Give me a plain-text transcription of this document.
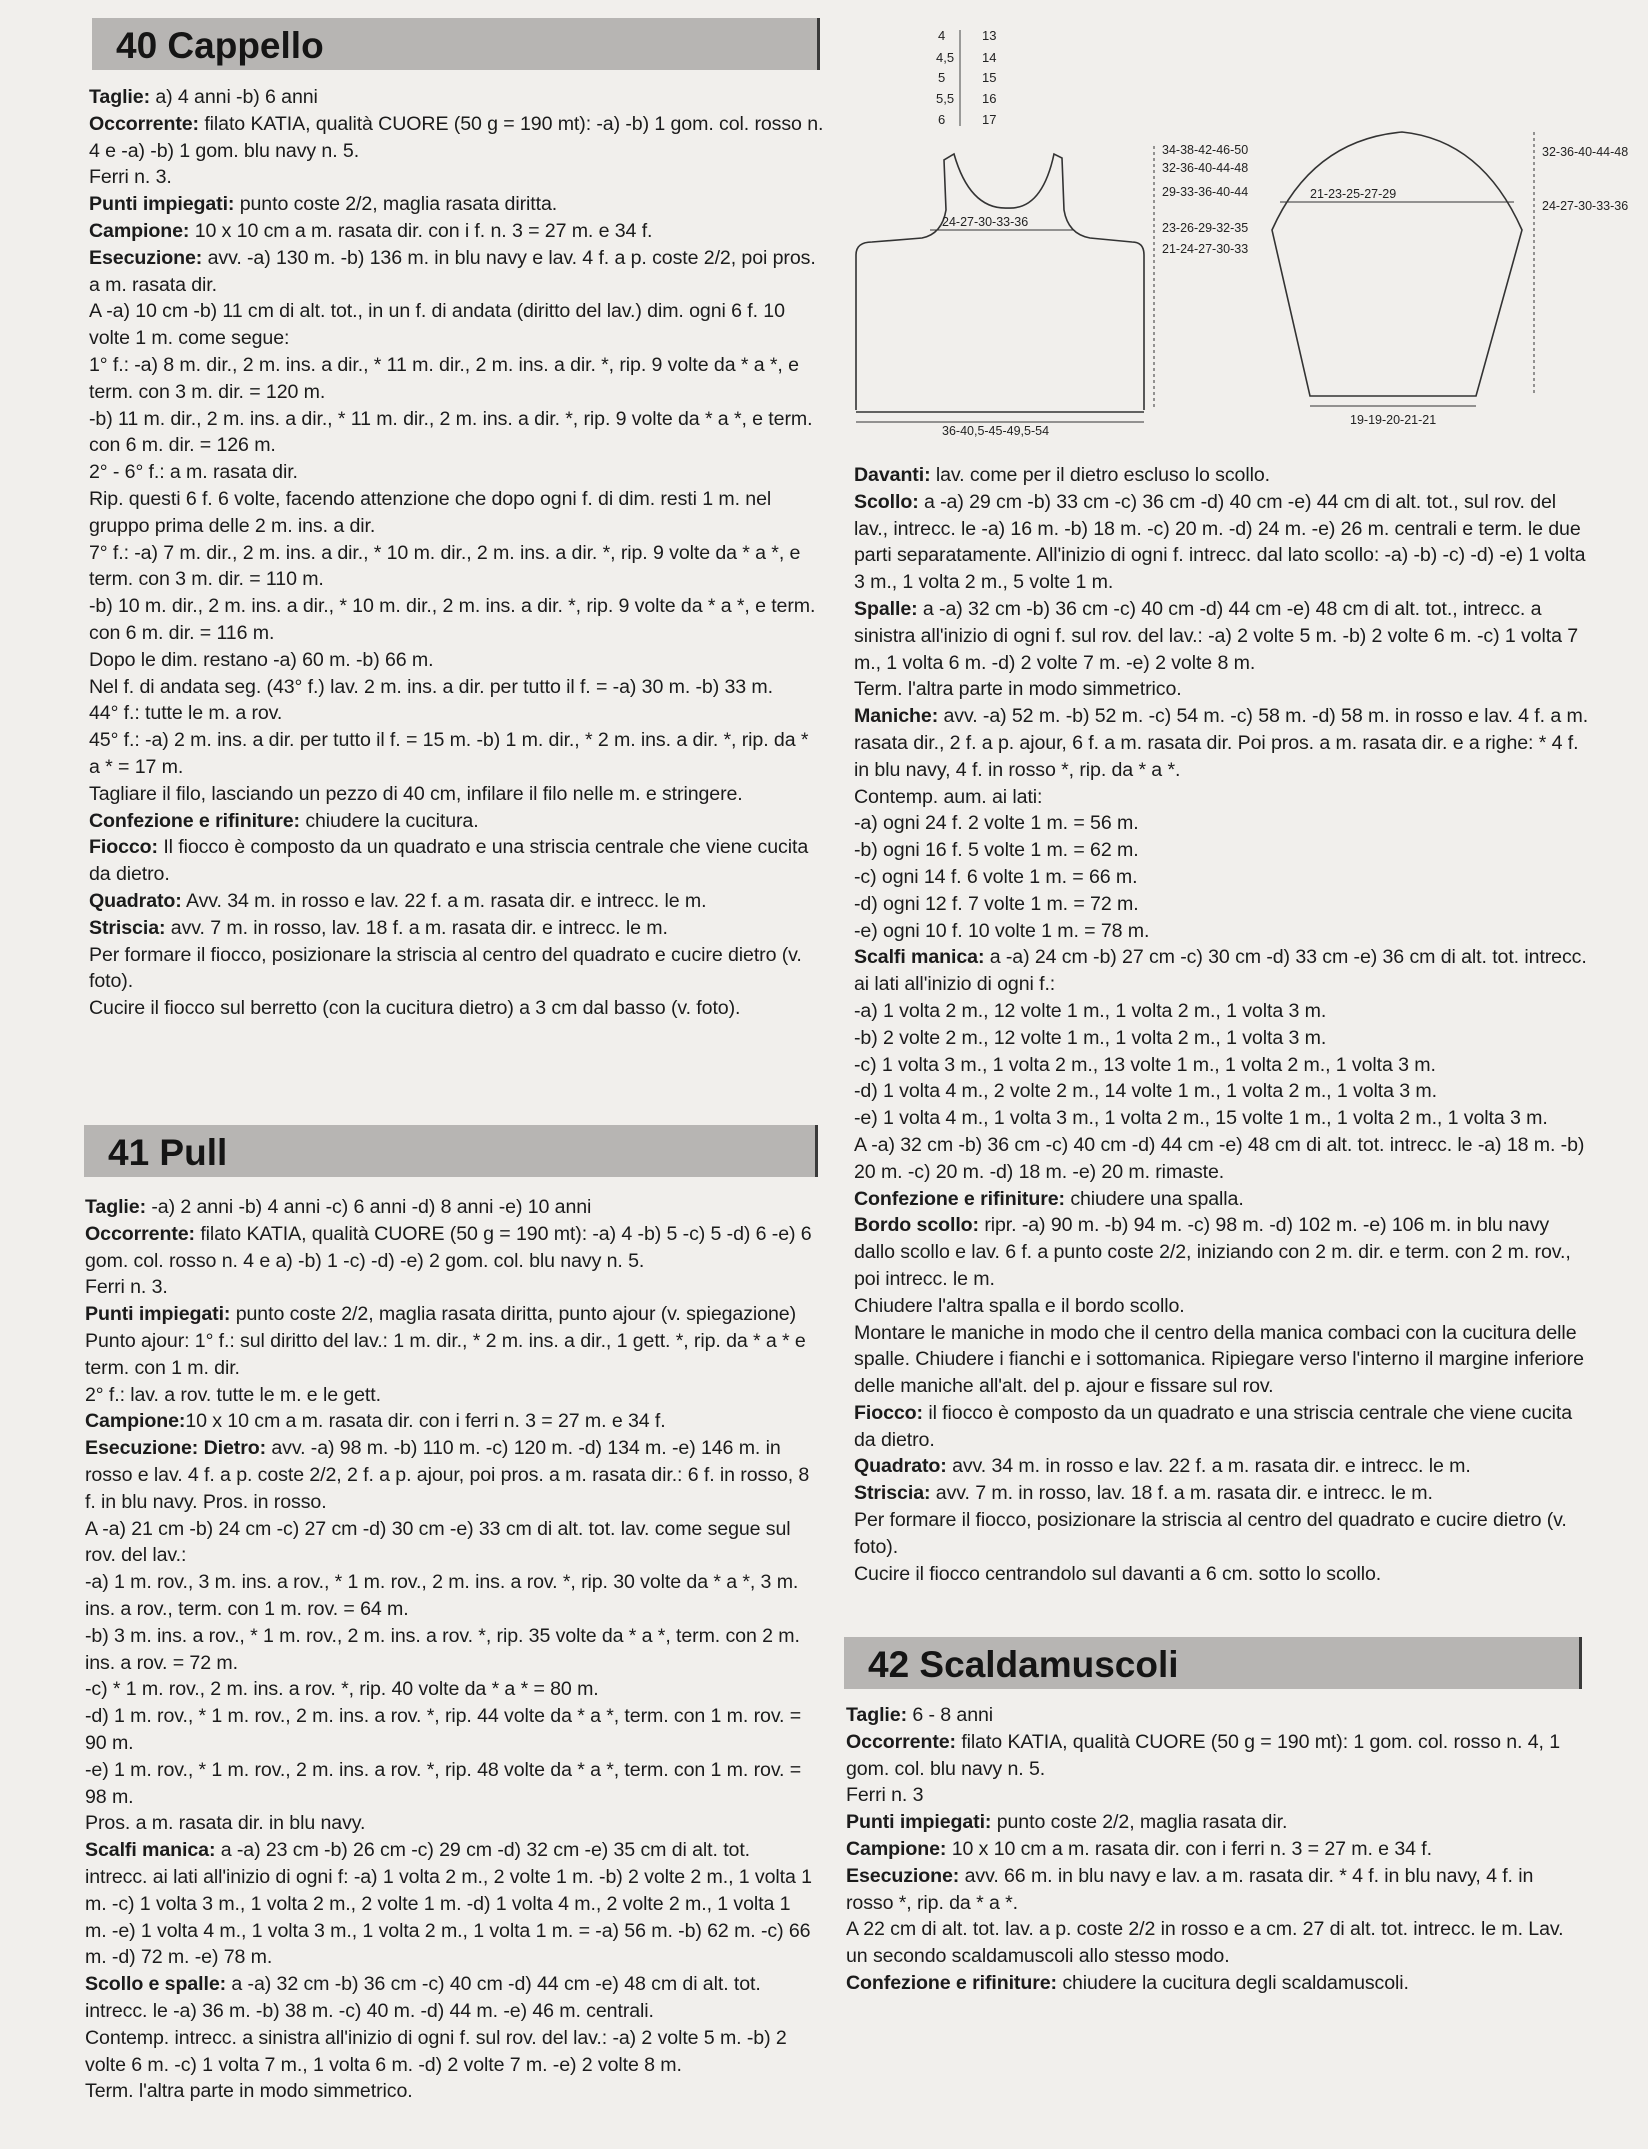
40 Cappello

Taglie: a) 4 anni -b) 6 anni

Occorrente: filato KATIA, qualità CUORE (50 g = 190 mt): -a) -b) 1 gom. col. rosso n. 4 e -a) -b) 1 gom. blu navy n. 5.

Ferri n. 3.

Punti impiegati: punto coste 2/2, maglia rasata diritta.

Campione: 10 x 10 cm a m. rasata dir. con i f. n. 3 = 27 m. e 34 f.

Esecuzione: avv. -a) 130 m. -b) 136 m. in blu navy e lav. 4 f. a p. coste 2/2, poi pros. a m. rasata dir.

A -a) 10 cm -b) 11 cm di alt. tot., in un f. di andata (diritto del lav.) dim. ogni 6 f. 10 volte 1 m. come segue:

1° f.: -a) 8 m. dir., 2 m. ins. a dir., * 11 m. dir., 2 m. ins. a dir. *, rip. 9 volte da * a *, e term. con 3 m. dir. = 120 m.

-b) 11 m. dir., 2 m. ins. a dir., * 11 m. dir., 2 m. ins. a dir. *, rip. 9 volte da * a *, e term. con 6 m. dir. = 126 m.

2° - 6° f.: a m. rasata dir.

Rip. questi 6 f. 6 volte, facendo attenzione che dopo ogni f. di dim. resti 1 m. nel gruppo prima delle 2 m. ins. a dir.

7° f.: -a) 7 m. dir., 2 m. ins. a dir., * 10 m. dir., 2 m. ins. a dir. *, rip. 9 volte da * a *, e term. con 3 m. dir. = 110 m.

-b) 10 m. dir., 2 m. ins. a dir., * 10 m. dir., 2 m. ins. a dir. *, rip. 9 volte da * a *, e term. con 6 m. dir. = 116 m.

Dopo le dim. restano -a) 60 m. -b) 66 m.

Nel f. di andata seg. (43° f.) lav. 2 m. ins. a dir. per tutto il f. = -a) 30 m. -b) 33 m.

44° f.: tutte le m. a rov.

45° f.: -a) 2 m. ins. a dir. per tutto il f. = 15 m. -b) 1 m. dir., * 2 m. ins. a dir. *, rip. da * a * = 17 m.

Tagliare il filo, lasciando un pezzo di 40 cm, infilare il filo nelle m. e stringere.

Confezione e rifiniture: chiudere la cucitura.

Fiocco: Il fiocco è composto da un quadrato e una striscia centrale che viene cucita da dietro.

Quadrato: Avv. 34 m. in rosso e lav. 22 f. a m. rasata dir. e intrecc. le m.

Striscia: avv. 7 m. in rosso, lav. 18 f. a m. rasata dir. e intrecc. le m.

Per formare il fiocco, posizionare la striscia al centro del quadrato e cucire dietro (v. foto).

Cucire il fiocco sul berretto (con la cucitura dietro) a 3 cm dal basso (v. foto).

41 Pull

Taglie: -a) 2 anni -b) 4 anni -c) 6 anni -d) 8 anni -e) 10 anni

Occorrente: filato KATIA, qualità CUORE (50 g = 190 mt): -a) 4 -b) 5 -c) 5 -d) 6 -e) 6 gom. col. rosso n. 4 e a) -b) 1 -c) -d) -e) 2 gom. col. blu navy n. 5.

Ferri n. 3.

Punti impiegati: punto coste 2/2, maglia rasata diritta, punto ajour (v. spiegazione)

Punto ajour: 1° f.: sul diritto del lav.: 1 m. dir., * 2 m. ins. a dir., 1 gett. *, rip. da * a * e term. con 1 m. dir.

2° f.: lav. a rov. tutte le m. e le gett.

Campione:10 x 10 cm a m. rasata dir. con i ferri n. 3 = 27 m. e 34 f.

Esecuzione: Dietro: avv. -a) 98 m. -b) 110 m. -c) 120 m. -d) 134 m. -e) 146 m. in rosso e lav. 4 f. a p. coste 2/2, 2 f. a p. ajour, poi pros. a m. rasata dir.: 6 f. in rosso, 8 f. in blu navy. Pros. in rosso.

A -a) 21 cm -b) 24 cm -c) 27 cm -d) 30 cm -e) 33 cm di alt. tot. lav. come segue sul rov. del lav.:

-a) 1 m. rov., 3 m. ins. a rov., * 1 m. rov., 2 m. ins. a rov. *, rip. 30 volte da * a *, 3 m. ins. a rov., term. con 1 m. rov. = 64 m.

-b) 3 m. ins. a rov., * 1 m. rov., 2 m. ins. a rov. *, rip. 35 volte da * a *, term. con 2 m. ins. a rov. = 72 m.

-c) * 1 m. rov., 2 m. ins. a rov. *, rip. 40 volte da * a * = 80 m.

-d) 1 m. rov., * 1 m. rov., 2 m. ins. a rov. *, rip. 44 volte da * a *, term. con 1 m. rov. = 90 m.

-e) 1 m. rov., * 1 m. rov., 2 m. ins. a rov. *, rip. 48 volte da * a *, term. con 1 m. rov. = 98 m.

Pros. a m. rasata dir. in blu navy.

Scalfi manica: a -a) 23 cm -b) 26 cm -c) 29 cm -d) 32 cm -e) 35 cm di alt. tot. intrecc. ai lati all'inizio di ogni f: -a) 1 volta 2 m., 2 volte 1 m. -b) 2 volte 2 m., 1 volta 1 m. -c) 1 volta 3 m., 1 volta 2 m., 2 volte 1 m. -d) 1 volta 4 m., 2 volte 2 m., 1 volta 1 m. -e) 1 volta 4 m., 1 volta 3 m., 1 volta 2 m., 1 volta 1 m. = -a) 56 m. -b) 62 m. -c) 66 m. -d) 72 m. -e) 78 m.

Scollo e spalle: a -a) 32 cm -b) 36 cm -c) 40 cm -d) 44 cm -e) 48 cm di alt. tot. intrecc. le -a) 36 m. -b) 38 m. -c) 40 m. -d) 44 m. -e) 46 m. centrali.

Contemp. intrecc. a sinistra all'inizio di ogni f. sul rov. del lav.: -a) 2 volte 5 m. -b) 2 volte 6 m. -c) 1 volta 7 m., 1 volta 6 m. -d) 2 volte 7 m. -e) 2 volte 8 m.

Term. l'altra parte in modo simmetrico.

4	13
4,5 14
5	15
5,5 16
6	17
34-38-42-46-50
32-36-40-44-48
29-33-36-40-44
23-26-29-32-35
21-24-27-30-33
24-27-30-33-36
36-40,5-45-49,5-54
21-23-25-27-29
32-36-40-44-48
24-27-30-33-36
19-19-20-21-21

Davanti: lav. come per il dietro escluso lo scollo.

Scollo: a -a) 29 cm -b) 33 cm -c) 36 cm -d) 40 cm -e) 44 cm di alt. tot., sul rov. del lav., intrecc. le -a) 16 m. -b) 18 m. -c) 20 m. -d) 24 m. -e) 26 m. centrali e term. le due parti separatamente. All'inizio di ogni f. intrecc. dal lato scollo: -a) -b) -c) -d) -e) 1 volta 3 m., 1 volta 2 m., 5 volte 1 m.

Spalle: a -a) 32 cm -b) 36 cm -c) 40 cm -d) 44 cm -e) 48 cm di alt. tot., intrecc. a sinistra all'inizio di ogni f. sul rov. del lav.: -a) 2 volte 5 m. -b) 2 volte 6 m. -c) 1 volta 7 m., 1 volta 6 m. -d) 2 volte 7 m. -e) 2 volte 8 m.

Term. l'altra parte in modo simmetrico.

Maniche: avv. -a) 52 m. -b) 52 m. -c) 54 m. -c) 58 m. -d) 58 m. in rosso e lav. 4 f. a m. rasata dir., 2 f. a p. ajour, 6 f. a m. rasata dir. Poi pros. a m. rasata dir. e a righe: * 4 f. in blu navy, 4 f. in rosso *, rip. da * a *.

Contemp. aum. ai lati:

-a) ogni 24 f. 2 volte 1 m. = 56 m.

-b) ogni 16 f. 5 volte 1 m. = 62 m.

-c) ogni 14 f. 6 volte 1 m. = 66 m.

-d) ogni 12 f. 7 volte 1 m. = 72 m.

-e) ogni 10 f. 10 volte 1 m. = 78 m.

Scalfi manica: a -a) 24 cm -b) 27 cm -c) 30 cm -d) 33 cm -e) 36 cm di alt. tot. intrecc. ai lati all'inizio di ogni f.:

-a) 1 volta 2 m., 12 volte 1 m., 1 volta 2 m., 1 volta 3 m.

-b) 2 volte 2 m., 12 volte 1 m., 1 volta 2 m., 1 volta 3 m.

-c) 1 volta 3 m., 1 volta 2 m., 13 volte 1 m., 1 volta 2 m., 1 volta 3 m.

-d) 1 volta 4 m., 2 volte 2 m., 14 volte 1 m., 1 volta 2 m., 1 volta 3 m.

-e) 1 volta 4 m., 1 volta 3 m., 1 volta 2 m., 15 volte 1 m., 1 volta 2 m., 1 volta 3 m.

A -a) 32 cm -b) 36 cm -c) 40 cm -d) 44 cm -e) 48 cm di alt. tot. intrecc. le -a) 18 m. -b) 20 m. -c) 20 m. -d) 18 m. -e) 20 m. rimaste.

Confezione e rifiniture: chiudere una spalla.

Bordo scollo: ripr. -a) 90 m. -b) 94 m. -c) 98 m. -d) 102 m. -e) 106 m. in blu navy dallo scollo e lav. 6 f. a punto coste 2/2, iniziando con 2 m. dir. e term. con 2 m. rov., poi intrecc. le m.

Chiudere l'altra spalla e il bordo scollo.

Montare le maniche in modo che il centro della manica combaci con la cucitura delle spalle. Chiudere i fianchi e i sottomanica. Ripiegare verso l'interno il margine inferiore delle maniche all'alt. del p. ajour e fissare sul rov.

Fiocco: il fiocco è composto da un quadrato e una striscia centrale che viene cucita da dietro.

Quadrato: avv. 34 m. in rosso e lav. 22 f. a m. rasata dir. e intrecc. le m.

Striscia: avv. 7 m. in rosso, lav. 18 f. a m. rasata dir. e intrecc. le m.

Per formare il fiocco, posizionare la striscia al centro del quadrato e cucire dietro (v. foto).

Cucire il fiocco centrandolo sul davanti a 6 cm. sotto lo scollo.

42 Scaldamuscoli

Taglie: 6 - 8 anni

Occorrente: filato KATIA, qualità CUORE (50 g = 190 mt): 1 gom. col. rosso n. 4, 1 gom. col. blu navy n. 5.

Ferri n. 3

Punti impiegati: punto coste 2/2, maglia rasata dir.

Campione: 10 x 10 cm a m. rasata dir. con i ferri n. 3 = 27 m. e 34 f.

Esecuzione: avv. 66 m. in blu navy e lav. a m. rasata dir. * 4 f. in blu navy, 4 f. in rosso *, rip. da * a *.

A 22 cm di alt. tot. lav. a p. coste 2/2 in rosso e a cm. 27 di alt. tot. intrecc. le m. Lav. un secondo scaldamuscoli allo stesso modo.

Confezione e rifiniture: chiudere la cucitura degli scaldamuscoli.
